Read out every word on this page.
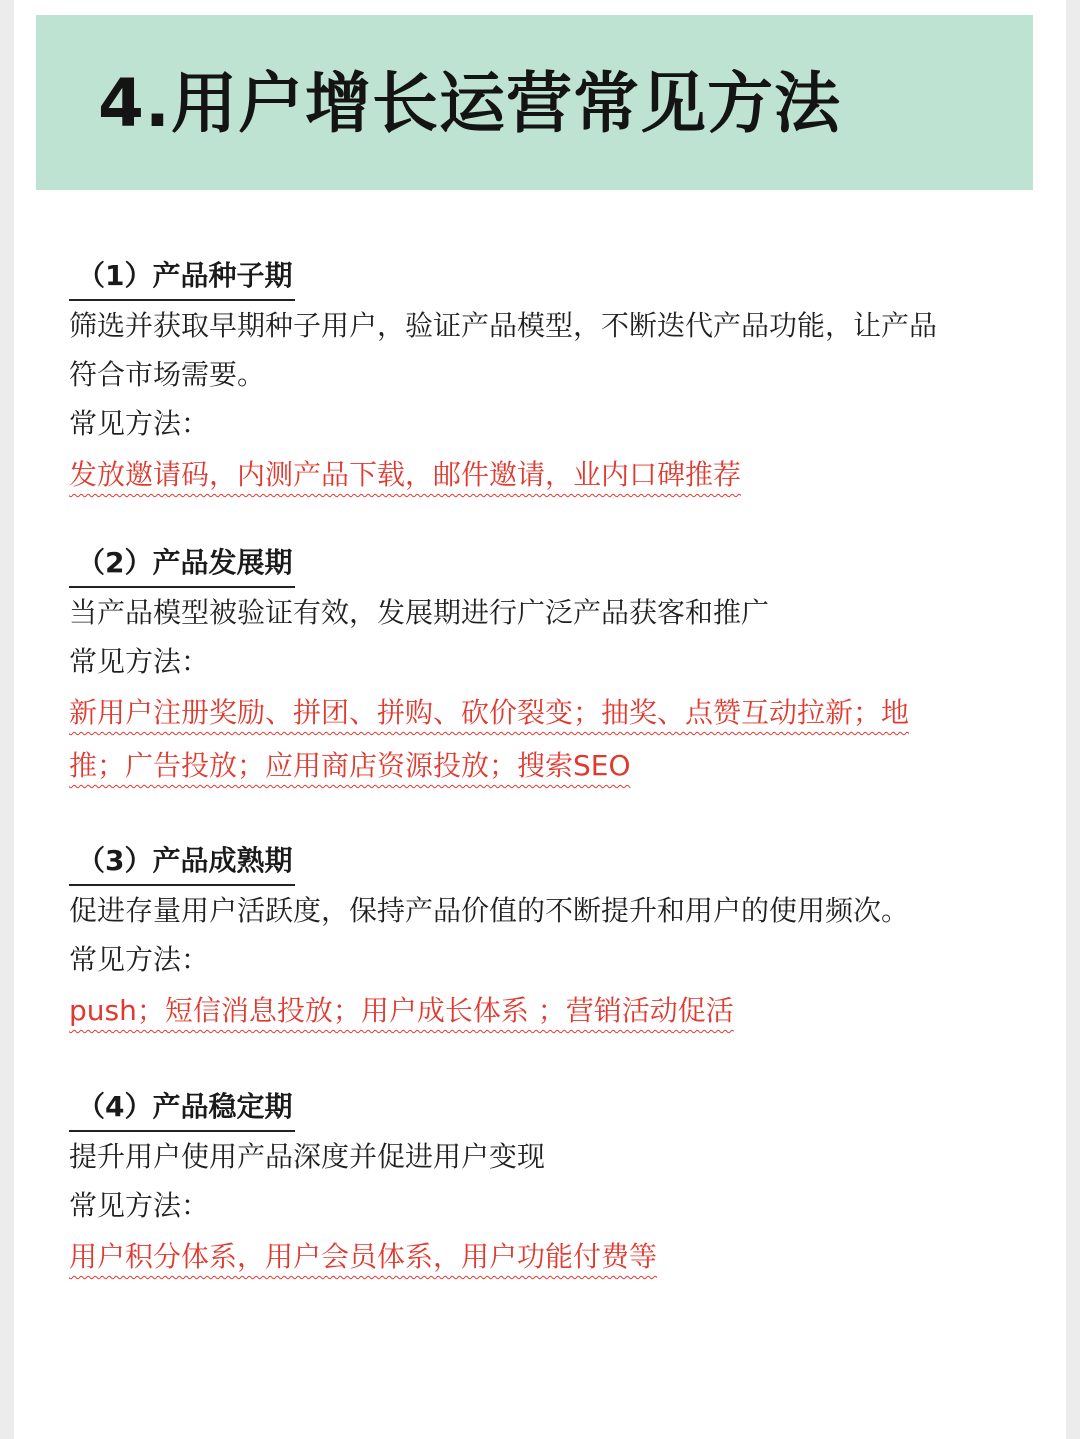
4.用户增长运营常见方法
（1）产品种子期
筛选并获取早期种子用户，验证产品模型，不断迭代产品功能，让产品
符合市场需要。
常见方法：
发放邀请码，内测产品下载，邮件邀请，业内口碑推荐
（2）产品发展期
当产品模型被验证有效，发展期进行广泛产品获客和推广
常见方法：
新用户注册奖励、拼团、拼购、砍价裂变；抽奖、点赞互动拉新；地
推；广告投放；应用商店资源投放；搜索SEO
（3）产品成熟期
促进存量用户活跃度，保持产品价值的不断提升和用户的使用频次。
常见方法：
push；短信消息投放；用户成长体系 ；营销活动促活
（4）产品稳定期
提升用户使用产品深度并促进用户变现
常见方法：
用户积分体系，用户会员体系，用户功能付费等
